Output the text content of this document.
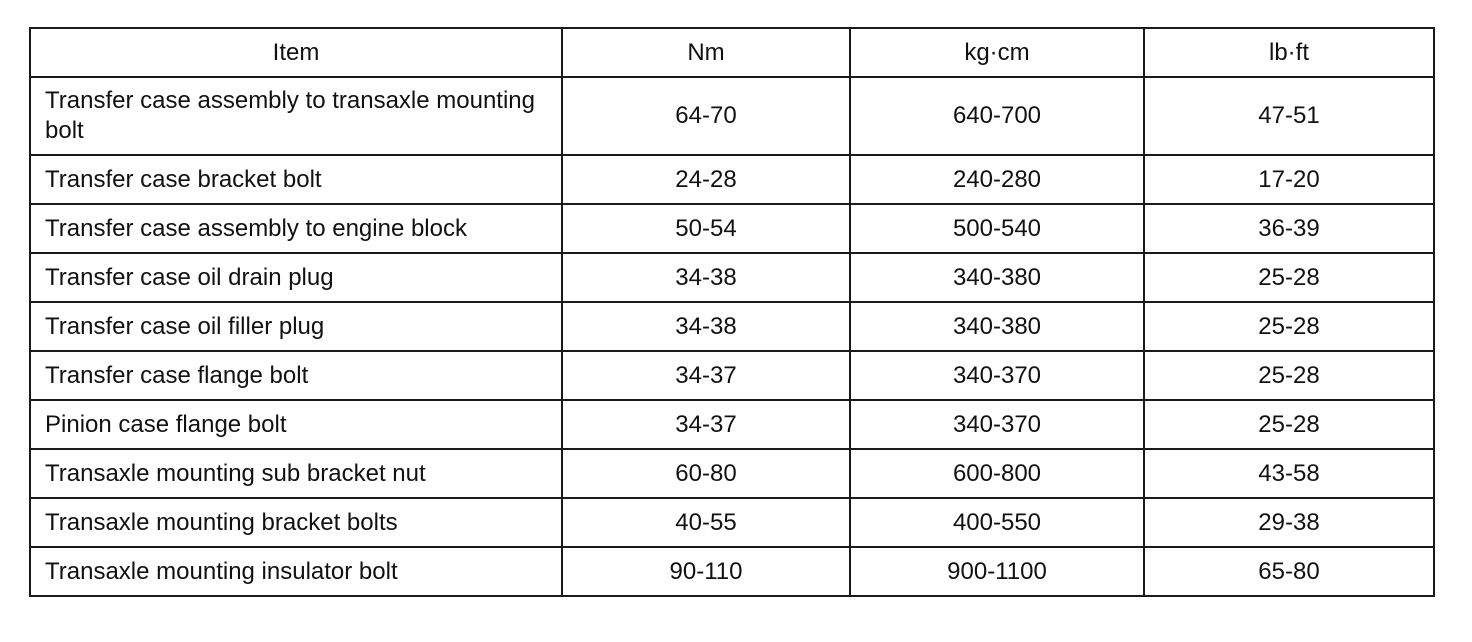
Item	Nm	kg·cm	lb·ft
Transfer case assembly to transaxle mounting bolt	64-70	640-700	47-51
Transfer case bracket bolt	24-28	240-280	17-20
Transfer case assembly to engine block	50-54	500-540	36-39
Transfer case oil drain plug	34-38	340-380	25-28
Transfer case oil filler plug	34-38	340-380	25-28
Transfer case flange bolt	34-37	340-370	25-28
Pinion case flange bolt	34-37	340-370	25-28
Transaxle mounting sub bracket nut	60-80	600-800	43-58
Transaxle mounting bracket bolts	40-55	400-550	29-38
Transaxle mounting insulator bolt	90-110	900-1100	65-80
